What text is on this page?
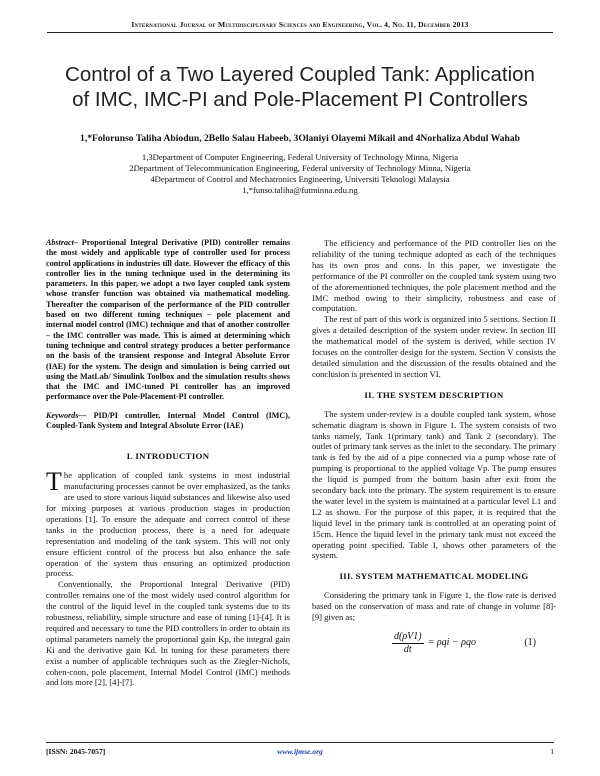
International Journal of Multidisciplinary Sciences and Engineering, Vol. 4, No. 11, December 2013
Control of a Two Layered Coupled Tank: Application
of IMC, IMC-PI and Pole-Placement PI Controllers
1,*Folorunso Taliha Abiodun, 2Bello Salau Habeeb, 3Olaniyi Olayemi Mikail and 4Norhaliza Abdul Wahab
1,3Department of Computer Engineering, Federal University of Technology Minna, Nigeria
2Department of Telecommunication Engineering, Federal university of Technology Minna, Nigeria
4Department of Control and Mechatronics Engineering, Universiti Teknologi Malaysia
1,*funso.taliha@futminna.edu.ng

Abstract– Proportional Integral Derivative (PID) controller remains the most widely and applicable type of controller used for process control applications in industries till date. However the efficacy of this controller lies in the tuning technique used in the determining its parameters. In this paper, we adopt a two layer coupled tank system whose transfer function was obtained via mathematical modeling. Thereafter the comparison of the performance of the PID controller based on two different tuning techniques – pole placement and internal model control (IMC) technique and that of another controller – the IMC controller was made. This is aimed at determining which tuning technique and control strategy produces a better performance on the basis of the transient response and Integral Absolute Error (IAE) for the system. The design and simulation is being carried out using the MatLab/ Simulink Toolbox and the simulation results shows that the IMC and IMC-tuned PI controller has an improved performance over the Pole-Placement-PI controller.

Keywords— PID/PI controller, Internal Model Control (IMC), Coupled-Tank System and Integral Absolute Error (IAE)

I. INTRODUCTION

The application of coupled tank systems in most industrial manufacturing processes cannot be over emphasized, as the tanks are used to store various liquid substances and likewise also used for mixing purposes at various production stages in production operations [1]. To ensure the adequate and correct control of these tanks in the production process, there is a need for adequate representation and modeling of the tank system. This will not only ensure efficient control of the process but also enhance the safe operation of the system thus ensuring an optimized production process.

Conventionally, the Proportional Integral Derivative (PID) controller remains one of the most widely used control algorithm for the control of the liquid level in the coupled tank systems due to its robustness, reliability, simple structure and ease of tuning [1]-[4]. It is required and necessary to tune the PID controllers in order to obtain its optimal parameters namely the proportional gain Kp, the integral gain Ki and the derivative gain Kd. In tuning for these parameters there exist a number of applicable techniques such as the Ziegler-Nichols, cohen-coon, pole placement, Internal Model Control (IMC) methods and lots more [2], [4]-[7].

The efficiency and performance of the PID controller lies on the reliability of the tuning technique adopted as each of the techniques has its own pros and cons. In this paper, we investigate the performance of the PI controller on the coupled tank system using two of the aforementioned techniques, the pole placement method and the IMC method owing to their simplicity, robustness and ease of computation.

The rest of part of this work is organized into 5 sections. Section II gives a detailed description of the system under review. In section III the mathematical model of the system is derived, while section IV focuses on the controller design for the system. Section V consists the detailed simulation and the discussion of the results obtained and the conclusion is presented in section VI.

II. THE SYSTEM DESCRIPTION

The system under-review is a double coupled tank system, whose schematic diagram is shown in Figure 1. The system consists of two tanks namely, Tank 1(primary tank) and Tank 2 (secondary). The outlet of primary tank serves as the inlet to the secondary. The primary tank is fed by the aid of a pipe connected via a pump whose rate of pumping is proportional to the applied voltage Vp. The pump ensures the liquid is pumped from the bottom basin after exit from the secondary back into the primary. The system requirement is to ensure the water level in the system is maintained at a particular level L1 and L2 as shown. For the purpose of this paper, it is required that the liquid level in the primary tank is controlled at an operating point of 15cm. Hence the liquid level in the primary tank must not exceed the operating point specified. Table I, shows other parameters of the system.

III. SYSTEM MATHEMATICAL MODELING

Considering the primary tank in Figure 1, the flow rate is derived based on the conservation of mass and rate of change in volume [8]-[9] given as;

$\frac{d(\rho V1)}{dt} = \rho qi - \rho qo$	(1)
[ISSN: 2045-7057]	www.ijmse.org	1
